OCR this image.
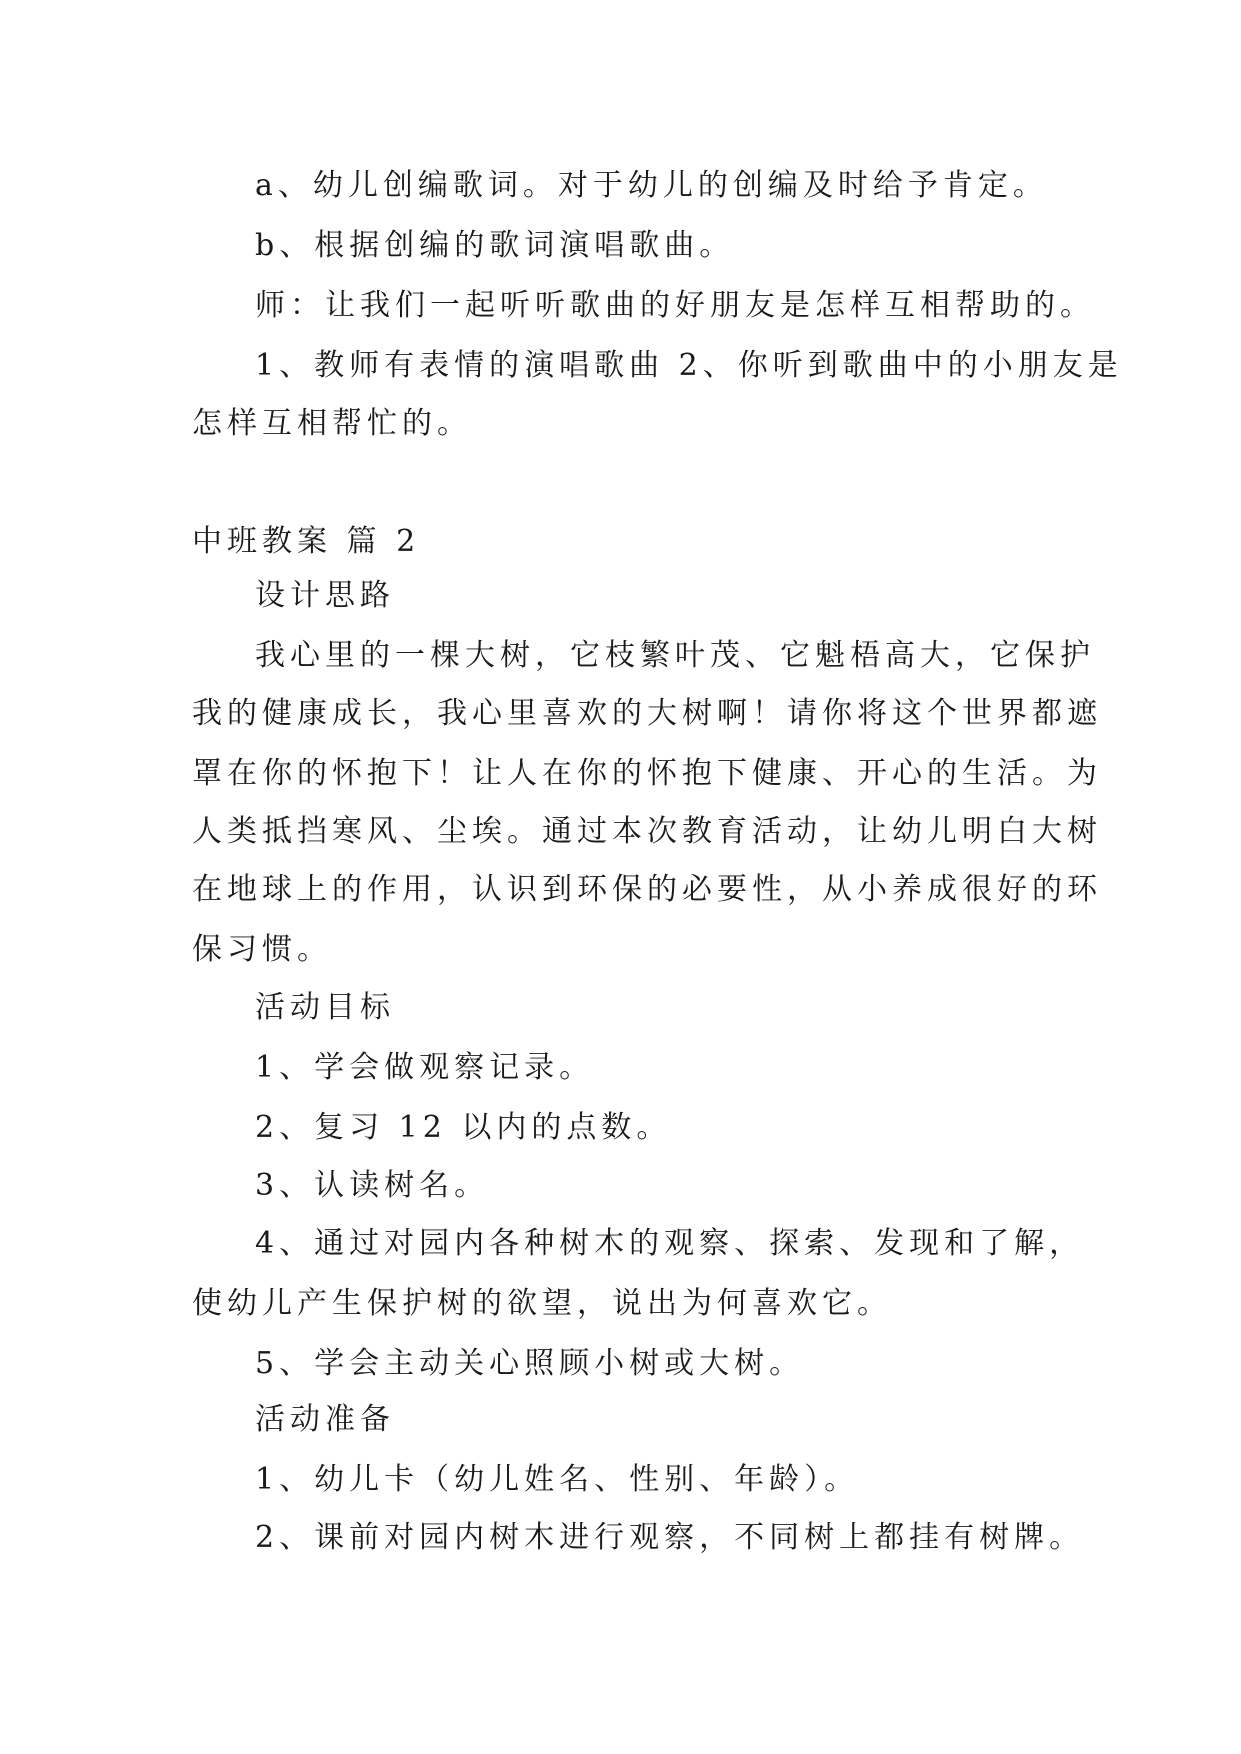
a、幼儿创编歌词。对于幼儿的创编及时给予肯定。
b、根据创编的歌词演唱歌曲。
师：让我们一起听听歌曲的好朋友是怎样互相帮助的。
1、教师有表情的演唱歌曲 2、你听到歌曲中的小朋友是
怎样互相帮忙的。
中班教案 篇 2
设计思路
我心里的一棵大树，它枝繁叶茂、它魁梧高大，它保护
我的健康成长，我心里喜欢的大树啊！请你将这个世界都遮
罩在你的怀抱下！让人在你的怀抱下健康、开心的生活。为
人类抵挡寒风、尘埃。通过本次教育活动，让幼儿明白大树
在地球上的作用，认识到环保的必要性，从小养成很好的环
保习惯。
活动目标
1、学会做观察记录。
2、复习 12 以内的点数。
3、认读树名。
4、通过对园内各种树木的观察、探索、发现和了解，
使幼儿产生保护树的欲望，说出为何喜欢它。
5、学会主动关心照顾小树或大树。
活动准备
1、幼儿卡（幼儿姓名、性别、年龄）。
2、课前对园内树木进行观察，不同树上都挂有树牌。
